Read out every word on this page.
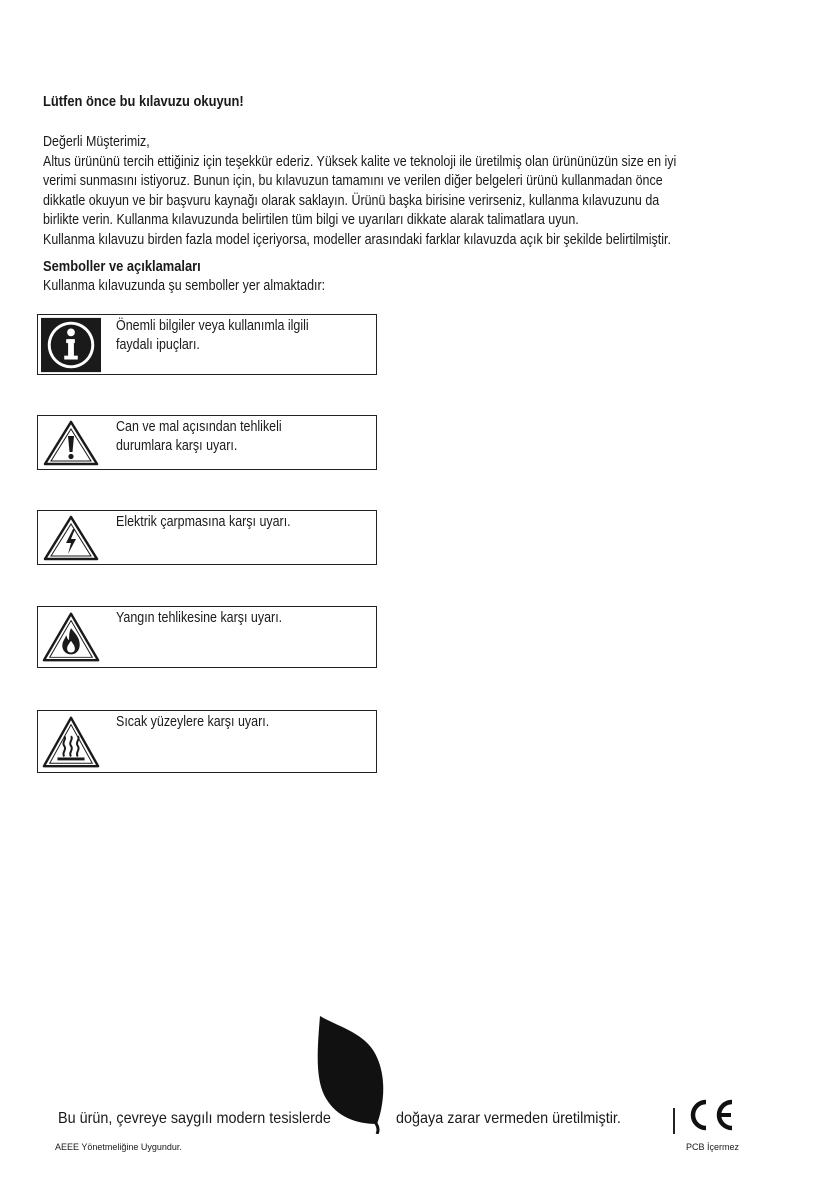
Lütfen önce bu kılavuzu okuyun!

Değerli Müşterimiz,

Altus ürününü tercih ettiğiniz için teşekkür ederiz. Yüksek kalite ve teknoloji ile üretilmiş olan ürününüzün size en iyi

verimi sunmasını istiyoruz. Bunun için, bu kılavuzun tamamını ve verilen diğer belgeleri ürünü kullanmadan önce

dikkatle okuyun ve bir başvuru kaynağı olarak saklayın. Ürünü başka birisine verirseniz, kullanma kılavuzunu da

birlikte verin. Kullanma kılavuzunda belirtilen tüm bilgi ve uyarıları dikkate alarak talimatlara uyun.

Kullanma kılavuzu birden fazla model içeriyorsa, modeller arasındaki farklar kılavuzda açık bir şekilde belirtilmiştir.

Semboller ve açıklamaları
Kullanma kılavuzunda şu semboller yer almaktadır:
Önemli bilgiler veya kullanımla ilgili
faydalı ipuçları.
Can ve mal açısından tehlikeli
durumlara karşı uyarı.
Elektrik çarpmasına karşı uyarı.
Yangın tehlikesine karşı uyarı.
Sıcak yüzeylere karşı uyarı.
Bu ürün, çevreye saygılı modern tesislerde	doğaya zarar vermeden üretilmiştir.
AEEE Yönetmeliğine Uygundur.	PCB İçermez
